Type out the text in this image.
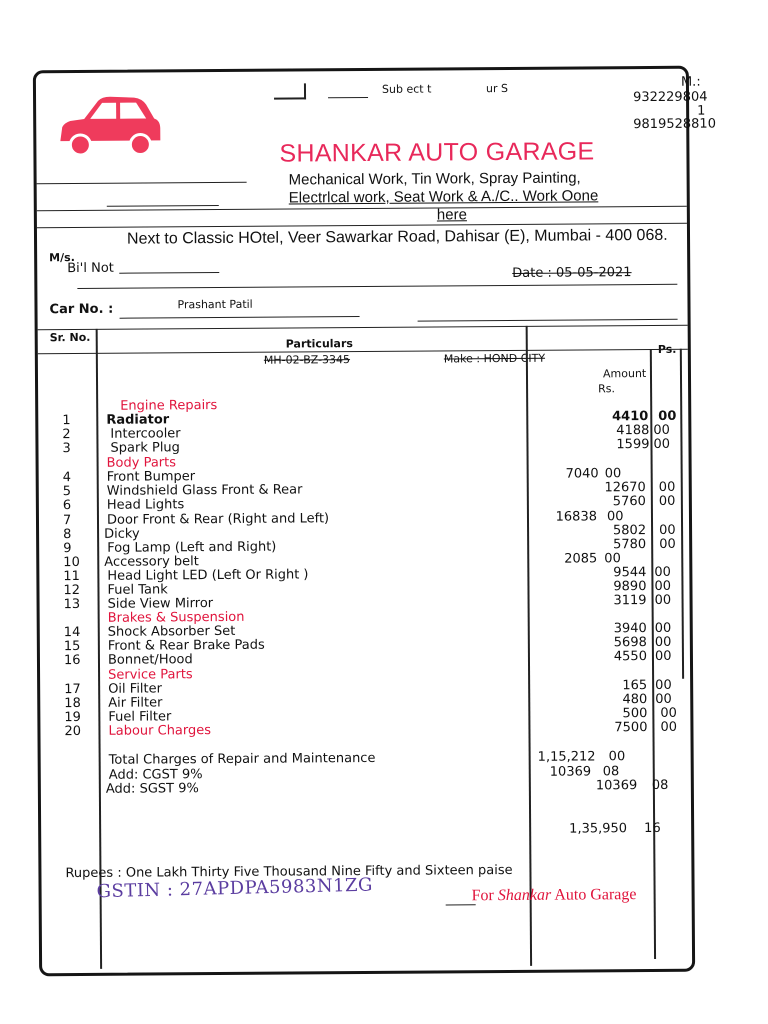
Sub ect t	ur S	M.:
932229804
1
9819528810
SHANKAR AUTO GARAGE
Mechanical Work, Tin Work, Spray Painting,
Electrlcal work, Seat Work & A./C.. Work Oone
here
Next to Classic HOtel, Veer Sawarkar Road, Dahisar (E), Mumbai - 400 068.
M/s.
Bi'l Not	Date : 05-05-2021
Prashant Patil
Car No. :
Sr. No.	Particulars	Ps.
MH-02-BZ-3345	Make : HOND CITY
Amount
Rs.
Engine Repairs
Body Parts
Brakes & Suspension
Service Parts
1	Radiator	4410 00
2	Intercooler	4188 00
3	Spark Plug	1599 00
4	Front Bumper	7040 00
5	Windshield Glass Front & Rear	12670 00
6	Head Lights	5760 00
7	Door Front & Rear (Right and Left)	16838 00
8	Dicky	5802 00
9	Fog Lamp (Left and Right)	5780 00
10 Accessory belt	2085 00
11 Head Light LED (Left Or Right )	9544 00
12 Fuel Tank	9890 00
13 Side View Mirror	3119 00
14 Shock Absorber Set	3940 00
15 Front & Rear Brake Pads	5698 00
16 Bonnet/Hood	4550 00
17 Oil Filter	165 00
18 Air Filter	480 00
19 Fuel Filter	500 00
20 Labour Charges	7500 00
Total Charges of Repair and Maintenance	1,15,212 00
Add: CGST 9%	10369 08
Add: SGST 9%	10369 08
1,35,950 16
Rupees : One Lakh Thirty Five Thousand Nine Fifty and Sixteen paise
GSTIN : 27APDPA5983N1ZG	For Shankar Auto Garage
